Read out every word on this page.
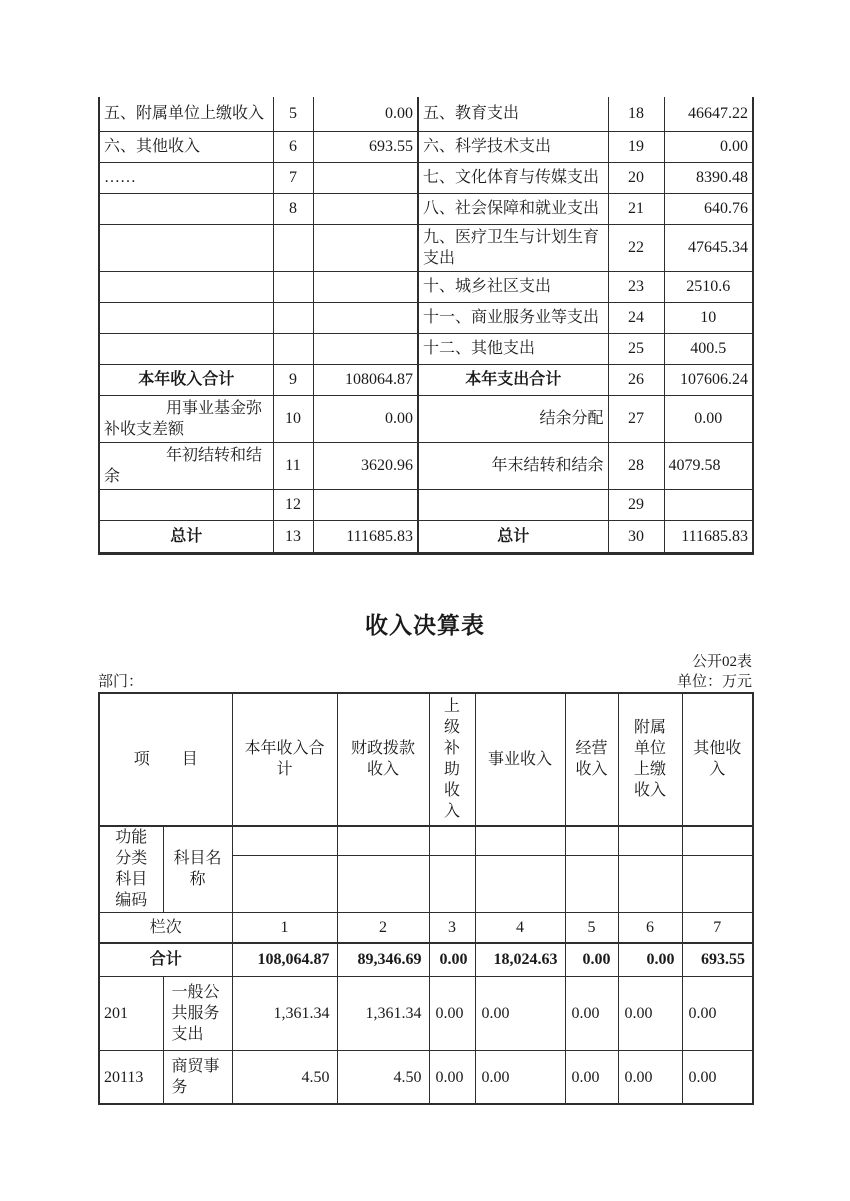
五、附属单位上缴收入	5	0.00	五、教育支出	18	46647.22
六、其他收入	6	693.55	六、科学技术支出	19	0.00
……	7		七、文化体育与传媒支出	20	8390.48
	8		八、社会保障和就业支出	21	640.76
			九、医疗卫生与计划生育支出	22	47645.34
			十、城乡社区支出	23	2510.6
			十一、商业服务业等支出	24	10
			十二、其他支出	25	400.5
本年收入合计	9	108064.87	本年支出合计	26	107606.24
用事业基金弥补收支差额	10	0.00	结余分配	27	0.00
年初结转和结余	11	3620.96	年末结转和结余	28	4079.58
	12			29	
总计	13	111685.83	总计	30	111685.83
收入决算表
公开02表
部门：	单位：万元
项　　目		本年收入合计	财政拨款收入	上级补助收入	事业收入	经营收入	附属单位上缴收入	其他收入
功能分类科目编码	科目名称							

栏次		1	2	3	4	5	6	7
合计		108,064.87	89,346.69	0.00	18,024.63	0.00	0.00	693.55
201	一般公共服务支出	1,361.34	1,361.34	0.00	0.00	0.00	0.00	0.00
20113	商贸事务	4.50	4.50	0.00	0.00	0.00	0.00	0.00
